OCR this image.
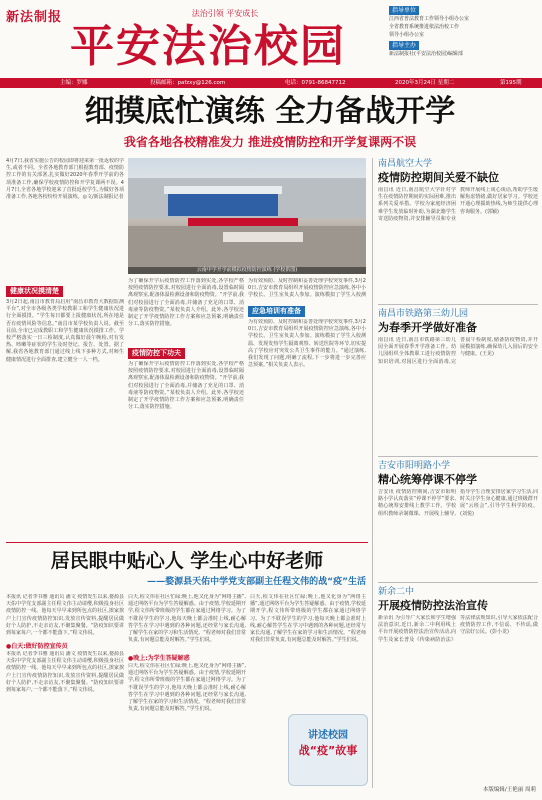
新法制报	法治引领 平安成长
平安法治校园
指导单位
江西省普法教育工作领导小组办公室
全省教育系统推进依法治校工作
领导小组办公室
指导主办
新法制报社(平安法治校园)编辑部
主编：罗娜	投稿邮箱：pafzxy@126.com	电话：0791-86847712	2020年3月24日 星期二	第195期
细摸底忙演练 全力备战开学
我省各地各校精准发力 推进疫情防控和开学复课两不误
4月7日,我省实施公告的校园即将迎来第一批返校的学生,或者不同。全省各地教育部门根据教育部、疫情防控工作的有关部署,扎实做好2020年春季开学前的各项准备工作,确保学校疫情防控和开学复课两不误。4月7日,全省各地学校迎来了首批返校学生,为做好各项准备工作,各地各校纷纷开展演练。◎文/新法制报记者
云南中学开学前模拟疫情防控演练 (学校供图)
健康状况摸清楚
3月2日起,南昌市教育局启用“南昌市教育大数据监测平台”,对全市各级各类学校教职工和学生健康状况进行全面摸排。“学生每日都要上报健康状况,所在地是否有疫情风险等信息。”南昌市某学校负责人说。截至目前,全市已完成教职工和学生健康状况摸排工作。学校严格落实一日三检制度,认真做好晨午晚检,对有发热、咳嗽等症状的学生及时登记、报告、处置。据了解,我省各地教育部门通过线上线下多种方式,对师生健康情况进行全面排查,建立健全一人一档。
为了确保开学后疫情防控工作落到实处,各学校严格按照疫情防控要求,对校园进行全面消毒,设置临时隔离观察室,配备体温检测设备和防疫物资。“开学前,我们对校园进行了全面消毒,并储备了充足的口罩、消毒液等防疫物资。”某校负责人介绍。此外,各学校还制定了开学疫情防控工作方案和应急预案,明确责任分工,落实防控措施。
疫情防控下功夫
为了确保开学后疫情防控工作落到实处,各学校严格按照疫情防控要求,对校园进行全面消毒,设置临时隔离观察室,配备体温检测设备和防疫物资。“开学前,我们对校园进行了全面消毒,并储备了充足的口罩、消毒液等防疫物资。”某校负责人介绍。此外,各学校还制定了开学疫情防控工作方案和应急预案,明确责任分工,落实防控措施。
为有效预防、及时控制和妥善处理学校突发事件,3月20日,吉安市教育局组织开展疫情防控应急演练,各中小学校长、卫生室负责人参加。演练模拟了学生入校测
应急培训有准备
为有效预防、及时控制和妥善处理学校突发事件,3月20日,吉安市教育局组织开展疫情防控应急演练,各中小学校长、卫生室负责人参加。演练模拟了学生入校测温、发现发热学生隔离观察、转送医院等环节,切实提高了学校应对突发公共卫生事件的能力。“通过演练,我们发现了问题,明确了流程,下一步将进一步完善应急预案。”相关负责人表示。
居民眼中贴心人 学生心中好老师
——婺源县天佑中学党支部副主任程文伟的战“疫”生活
本报讯 记者李书雅 通讯员 潘文 疫情发生以来,婺源县天佑中学党支部副主任程文伟主动请缨,积极投身社区疫情防控一线。他每天早早来到所包点的社区,挨家挨户上门宣传疫情防控知识,发放宣传资料,提醒居民做好个人防护,不走亲访友,不聚集聚餐。“防疫知识要讲到每家每户,一个都不能落下。”程文伟说。
●白天:做好防控宣传员
本报讯 记者李书雅 通讯员 潘文 疫情发生以来,婺源县天佑中学党支部副主任程文伟主动请缨,积极投身社区疫情防控一线。他每天早早来到所包点的社区,挨家挨户上门宣传疫情防控知识,发放宣传资料,提醒居民做好个人防护,不走亲访友,不聚集聚餐。“防疫知识要讲到每家每户,一个都不能落下。”程文伟说。
白天,程文伟在社区忙碌;晚上,他又化身为“网络主播”,通过网络平台为学生答疑解惑。由于疫情,学校延期开学,程文伟所带班级的学生都在家通过网络学习。为了不耽误学生的学习,他每天晚上都会准时上线,耐心解答学生在学习中遇到的各种问题,还经常与家长沟通,了解学生在家的学习和生活情况。“程老师对我们非常负责,有问题总能及时解答。”学生们说。
●晚上:为学生答疑解惑
白天,程文伟在社区忙碌;晚上,他又化身为“网络主播”,通过网络平台为学生答疑解惑。由于疫情,学校延期开学,程文伟所带班级的学生都在家通过网络学习。为了不耽误学生的学习,他每天晚上都会准时上线,耐心解答学生在学习中遇到的各种问题,还经常与家长沟通,了解学生在家的学习和生活情况。“程老师对我们非常负责,有问题总能及时解答。”学生们说。
白天,程文伟在社区忙碌;晚上,他又化身为“网络主播”,通过网络平台为学生答疑解惑。由于疫情,学校延期开学,程文伟所带班级的学生都在家通过网络学习。为了不耽误学生的学习,他每天晚上都会准时上线,耐心解答学生在学习中遇到的各种问题,还经常与家长沟通,了解学生在家的学习和生活情况。“程老师对我们非常负责,有问题总能及时解答。”学生们说。
讲述校园
战“疫”故事
南昌航空大学
疫情防控期间关爱不缺位
南昌讯 近日,南昌航空大学针对学生在疫情防控期间的实际困难,推出系列关爱举措。学校为家庭经济困难学生发放临时补助,为湖北籍学生寄送防疫物资,并安排辅导员和专业教师开展线上谈心谈话,帮助学生缓解焦虑情绪,做好居家学习。学校还开通心理援助热线,为师生提供心理咨询服务。(郭颖)
南昌市铁路第三幼儿园
为春季开学做好准备
南昌讯 近日,南昌市铁路第三幼儿园全面开展春季开学准备工作。幼儿园组织全体教职工进行疫情防控知识培训,对园区进行全面消毒,完善晨午检制度,储备防疫物资,并开展模拟演练,确保幼儿入园后的安全与健康。(王见)
吉安市阳明路小学
精心统筹停课不停学
吉安讯 疫情防控期间,吉安市阳明路小学认真落实“停课不停学”要求,精心统筹安排线上教学工作。学校组织教师录制微课、开展线上辅导,指导学生合理安排居家学习生活,同时关注学生身心健康,通过班级群开展“云班会”,引导学生科学防疫。(刘悦)
新余二中
开展疫情防控法治宣传
新余讯 为引导广大家长和学生增强法治意识,近日,新余二中利用线上平台开展疫情防控法治宣传活动,向学生及家长普及《传染病防治法》等法律法规知识,引导大家依法配合疫情防控工作,不信谣、不传谣,做守法好公民。(彭小龙)
本版编辑/王艳丽 周莉
